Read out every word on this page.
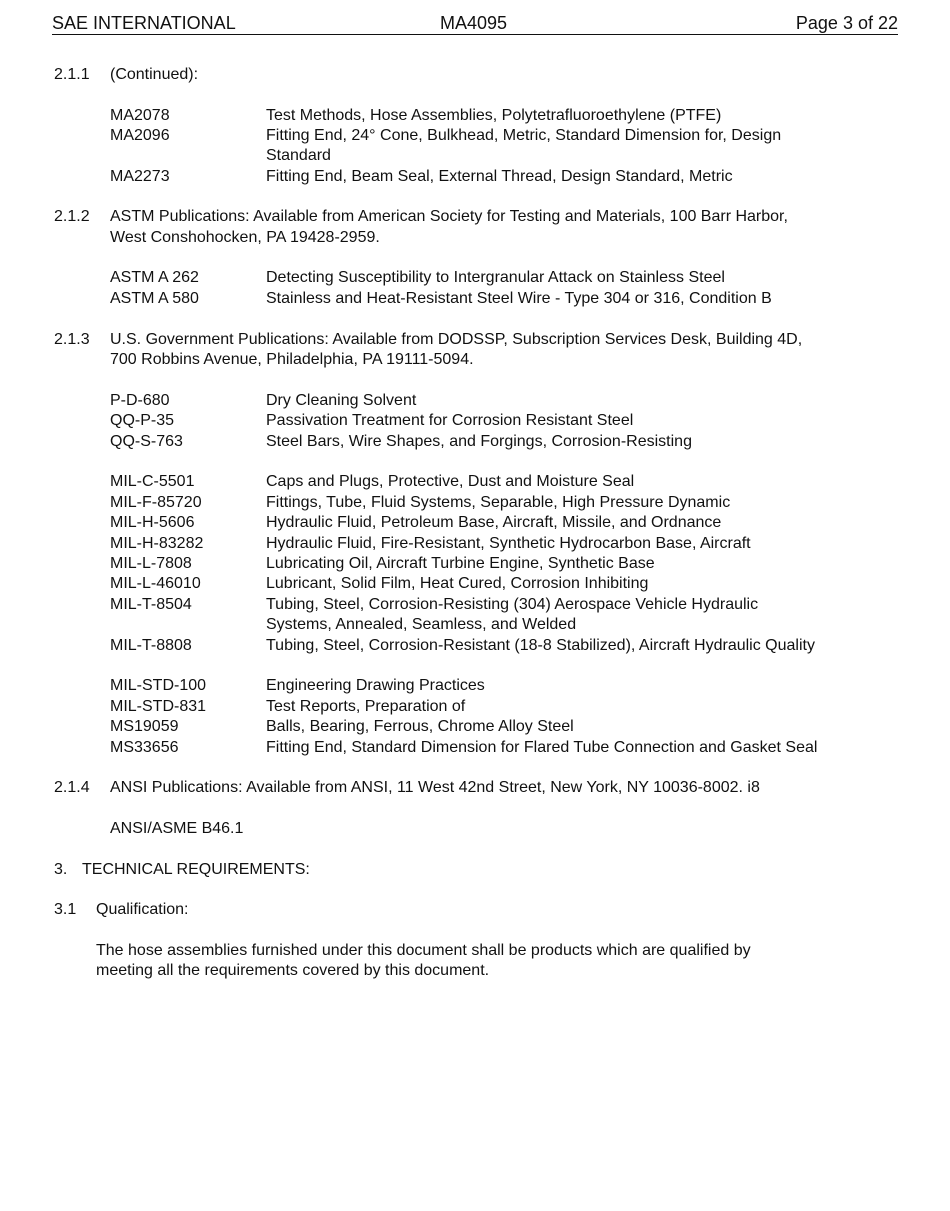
SAE INTERNATIONAL	MA4095	Page 3 of 22
2.1.1 (Continued):
MA2078	Test Methods, Hose Assemblies, Polytetrafluoroethylene (PTFE)
MA2096	Fitting End, 24° Cone, Bulkhead, Metric, Standard Dimension for, Design
Standard
MA2273	Fitting End, Beam Seal, External Thread, Design Standard, Metric
2.1.2 ASTM Publications: Available from American Society for Testing and Materials, 100 Barr Harbor,
West Conshohocken, PA 19428-2959.
ASTM A 262	Detecting Susceptibility to Intergranular Attack on Stainless Steel
ASTM A 580	Stainless and Heat-Resistant Steel Wire - Type 304 or 316, Condition B
2.1.3 U.S. Government Publications: Available from DODSSP, Subscription Services Desk, Building 4D,
700 Robbins Avenue, Philadelphia, PA 19111-5094.
P-D-680	Dry Cleaning Solvent
QQ-P-35	Passivation Treatment for Corrosion Resistant Steel
QQ-S-763	Steel Bars, Wire Shapes, and Forgings, Corrosion-Resisting
MIL-C-5501	Caps and Plugs, Protective, Dust and Moisture Seal
MIL-F-85720	Fittings, Tube, Fluid Systems, Separable, High Pressure Dynamic
MIL-H-5606	Hydraulic Fluid, Petroleum Base, Aircraft, Missile, and Ordnance
MIL-H-83282	Hydraulic Fluid, Fire-Resistant, Synthetic Hydrocarbon Base, Aircraft
MIL-L-7808	Lubricating Oil, Aircraft Turbine Engine, Synthetic Base
MIL-L-46010	Lubricant, Solid Film, Heat Cured, Corrosion Inhibiting
MIL-T-8504	Tubing, Steel, Corrosion-Resisting (304) Aerospace Vehicle Hydraulic
Systems, Annealed, Seamless, and Welded
MIL-T-8808	Tubing, Steel, Corrosion-Resistant (18-8 Stabilized), Aircraft Hydraulic Quality
MIL-STD-100	Engineering Drawing Practices
MIL-STD-831	Test Reports, Preparation of
MS19059	Balls, Bearing, Ferrous, Chrome Alloy Steel
MS33656	Fitting End, Standard Dimension for Flared Tube Connection and Gasket Seal
2.1.4 ANSI Publications: Available from ANSI, 11 West 42nd Street, New York, NY 10036-8002. i8
ANSI/ASME B46.1
3. TECHNICAL REQUIREMENTS:
3.1 Qualification:
The hose assemblies furnished under this document shall be products which are qualified by
meeting all the requirements covered by this document.
